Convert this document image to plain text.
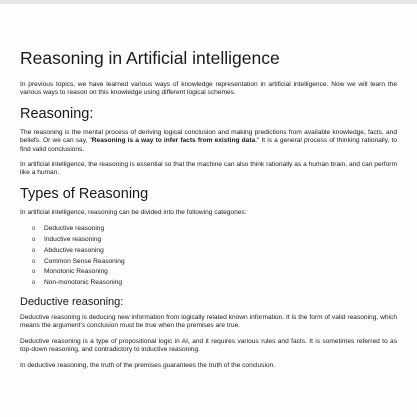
Reasoning in Artificial intelligence

In previous topics, we have learned various ways of knowledge representation in artificial intelligence. Now we will learn the various ways to reason on this knowledge using different logical schemes.

Reasoning:

The reasoning is the mental process of deriving logical conclusion and making predictions from available knowledge, facts, and beliefs. Or we can say, "Reasoning is a way to infer facts from existing data." It is a general process of thinking rationally, to find valid conclusions.

In artificial intelligence, the reasoning is essential so that the machine can also think rationally as a human brain, and can perform like a human.

Types of Reasoning

In artificial intelligence, reasoning can be divided into the following categories:

o Deductive reasoning
o Inductive reasoning
o Abductive reasoning
o Common Sense Reasoning
o Monotonic Reasoning
o Non-monotonic Reasoning
Deductive reasoning:

Deductive reasoning is deducing new information from logically related known information. It is the form of valid reasoning, which means the argument's conclusion must be true when the premises are true.

Deductive reasoning is a type of propositional logic in AI, and it requires various rules and facts. It is sometimes referred to as top-down reasoning, and contradictory to inductive reasoning.

In deductive reasoning, the truth of the premises guarantees the truth of the conclusion.
